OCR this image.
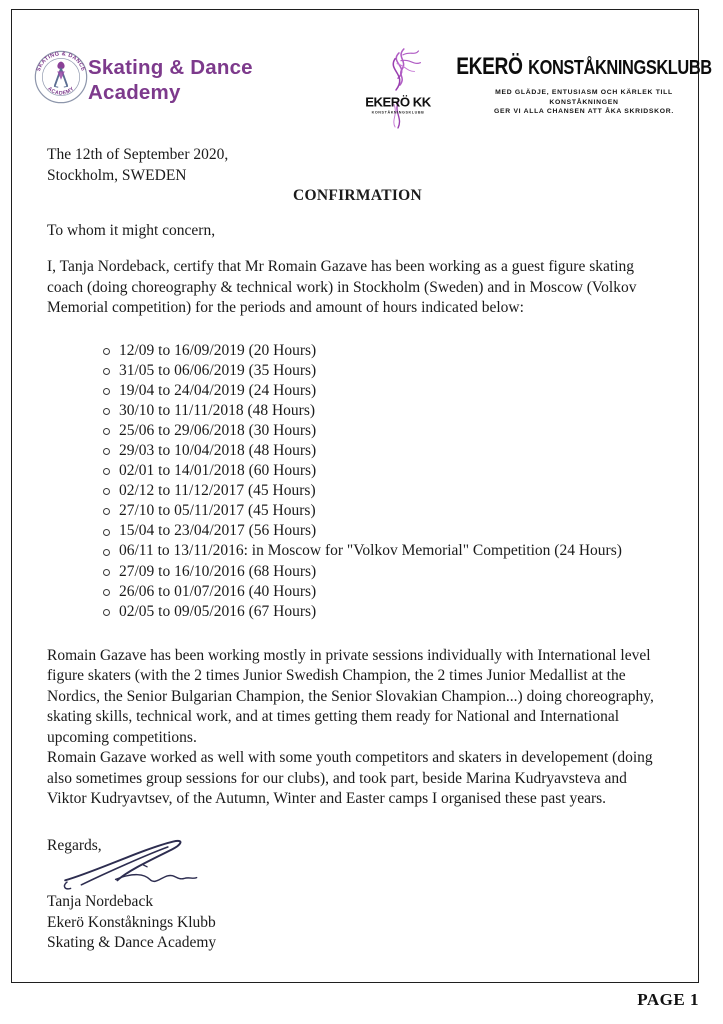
SKATING & DANCE
ACADEMY
Skating & Dance
Academy	EKERÖ KK
KONSTÅKNINGSKLUBB
EKERÖ KONSTÅKNINGSKLUBB
MED GLÄDJE, ENTUSIASM OCH KÄRLEK TILL KONSTÅKNINGEN
GER VI ALLA CHANSEN ATT ÅKA SKRIDSKOR.

The 12th of September 2020,
Stockholm, SWEDEN

CONFIRMATION

To whom it might concern,

I, Tanja Nordeback, certify that Mr Romain Gazave has been working as a guest figure skating coach (doing choreography & technical work) in Stockholm (Sweden) and in Moscow (Volkov Memorial competition) for the periods and amount of hours indicated below:

12/09 to 16/09/2019 (20 Hours)
31/05 to 06/06/2019 (35 Hours)
19/04 to 24/04/2019 (24 Hours)
30/10 to 11/11/2018 (48 Hours)
25/06 to 29/06/2018 (30 Hours)
29/03 to 10/04/2018 (48 Hours)
02/01 to 14/01/2018 (60 Hours)
02/12 to 11/12/2017 (45 Hours)
27/10 to 05/11/2017 (45 Hours)
15/04 to 23/04/2017 (56 Hours)
06/11 to 13/11/2016: in Moscow for "Volkov Memorial" Competition (24 Hours)
27/09 to 16/10/2016 (68 Hours)
26/06 to 01/07/2016 (40 Hours)
02/05 to 09/05/2016 (67 Hours)

Romain Gazave has been working mostly in private sessions individually with International level figure skaters (with the 2 times Junior Swedish Champion, the 2 times Junior Medallist at the Nordics, the Senior Bulgarian Champion, the Senior Slovakian Champion...) doing choreography, skating skills, technical work, and at times getting them ready for National and International upcoming competitions.

Romain Gazave worked as well with some youth competitors and skaters in developement (doing also sometimes group sessions for our clubs), and took part, beside Marina Kudryavsteva and Viktor Kudryavtsev, of the Autumn, Winter and Easter camps I organised these past years.

Regards,

Tanja Nordeback
Ekerö Konståknings Klubb
Skating & Dance Academy

PAGE 1
